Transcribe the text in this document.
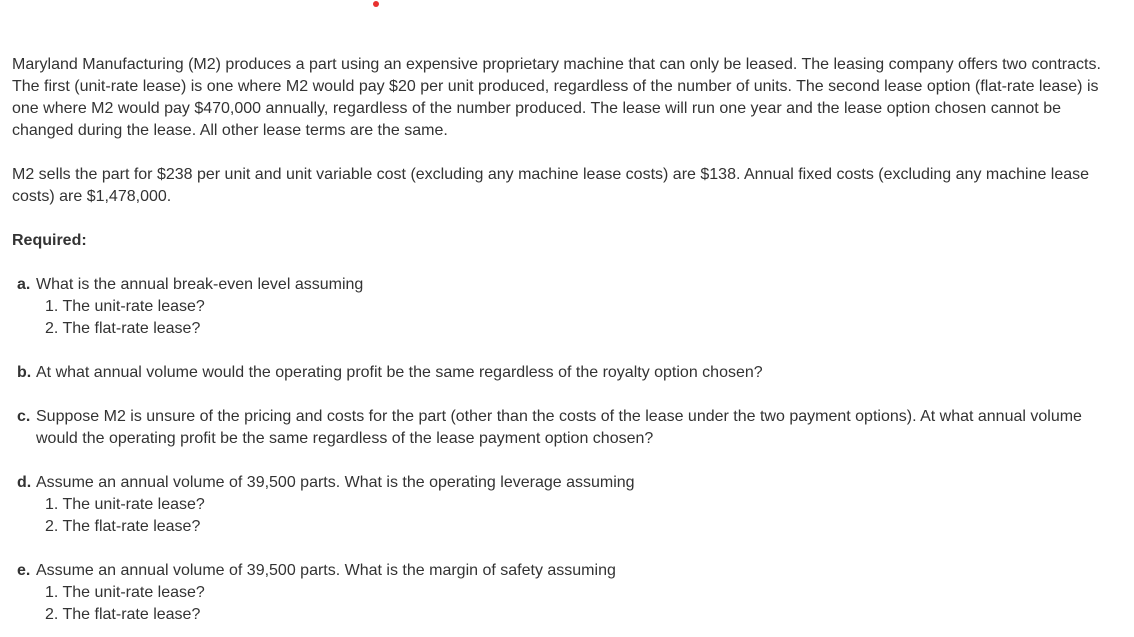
Maryland Manufacturing (M2) produces a part using an expensive proprietary machine that can only be leased. The leasing company offers two contracts. The first (unit-rate lease) is one where M2 would pay $20 per unit produced, regardless of the number of units. The second lease option (flat-rate lease) is one where M2 would pay $470,000 annually, regardless of the number produced. The lease will run one year and the lease option chosen cannot be changed during the lease. All other lease terms are the same.

M2 sells the part for $238 per unit and unit variable cost (excluding any machine lease costs) are $138. Annual fixed costs (excluding any machine lease costs) are $1,478,000.

Required:

a. What is the annual break-even level assuming
1. The unit-rate lease?
2. The flat-rate lease?
b. At what annual volume would the operating profit be the same regardless of the royalty option chosen?
c. Suppose M2 is unsure of the pricing and costs for the part (other than the costs of the lease under the two payment options). At what annual volume would the operating profit be the same regardless of the lease payment option chosen?
d. Assume an annual volume of 39,500 parts. What is the operating leverage assuming
1. The unit-rate lease?
2. The flat-rate lease?
e. Assume an annual volume of 39,500 parts. What is the margin of safety assuming
1. The unit-rate lease?
2. The flat-rate lease?
